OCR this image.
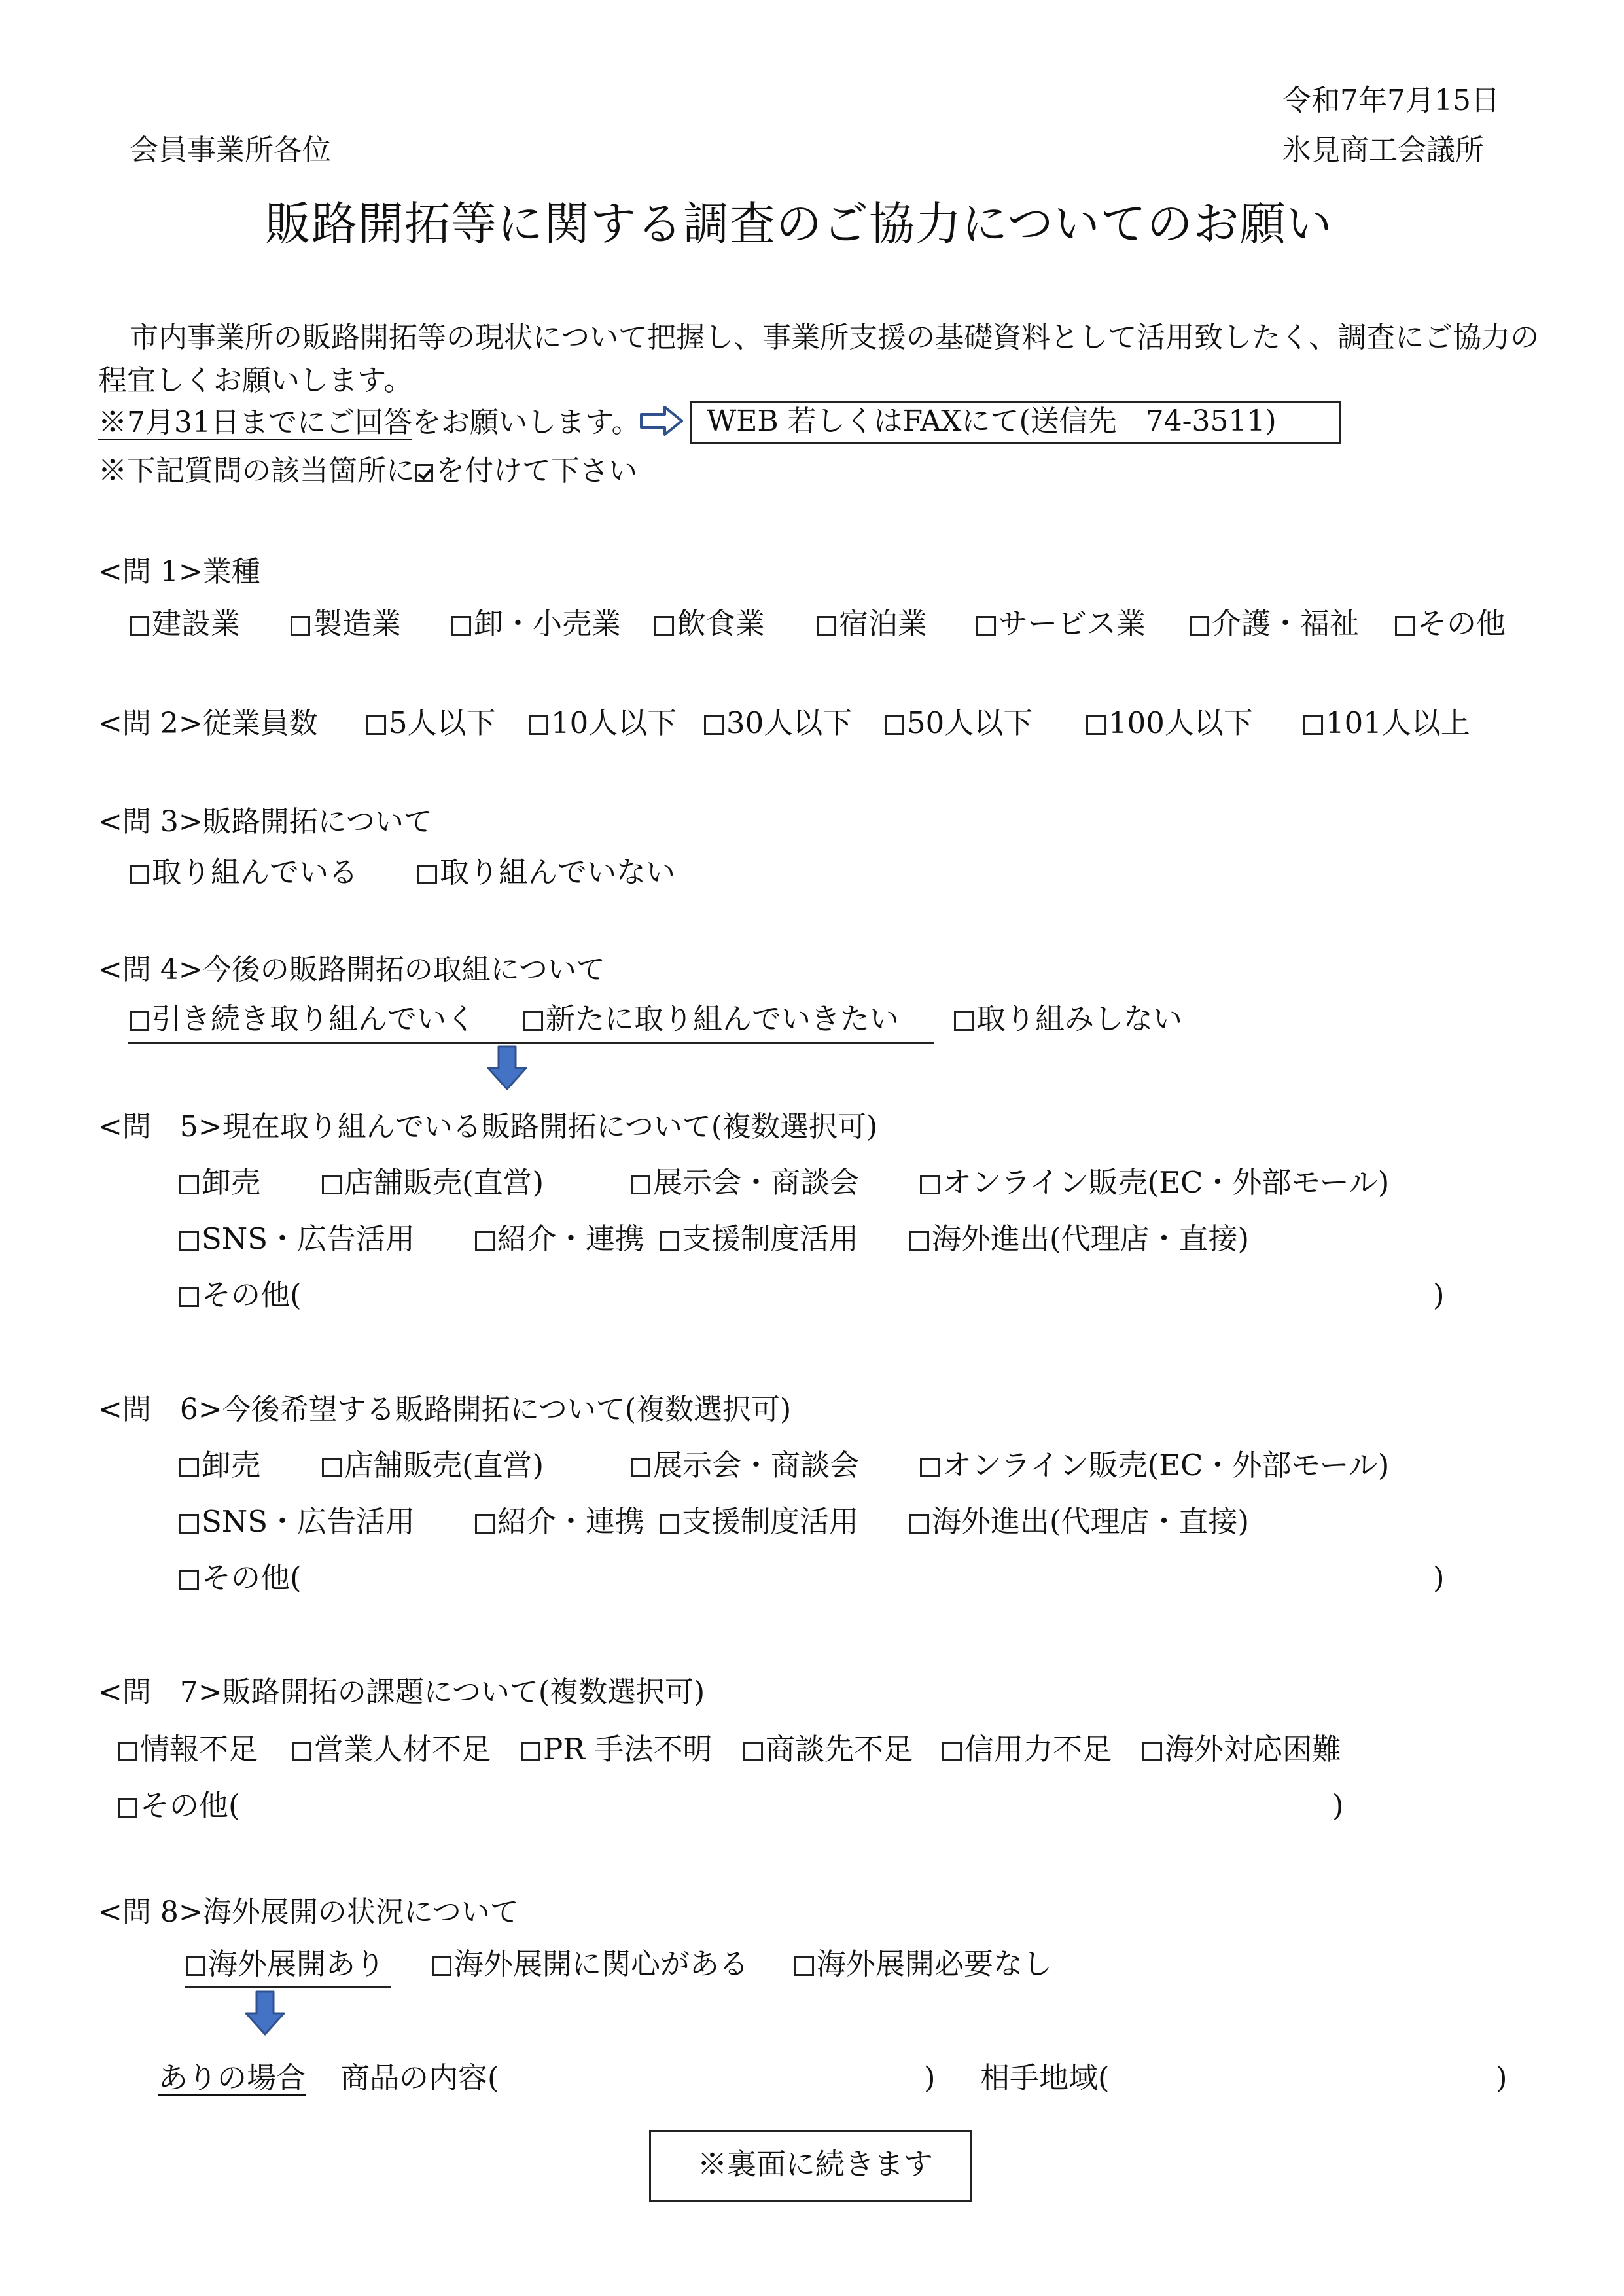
令和7年7月15日
会員事業所各位	氷見商工会議所
販路開拓等に関する調査のご協力についてのお願い
市内事業所の販路開拓等の現状について把握し、事業所支援の基礎資料として活用致したく、調査にご協力の
程宜しくお願いします。
※7月31日までにご回答をお願いします。 WEB 若しくはFAXにて(送信先　74-3511)
※下記質問の該当箇所に を付けて下さい
<問 1>業種
建設業	製造業	卸・小売業	飲食業	宿泊業	サービス業	介護・福祉	その他
<問 2>従業員数	5人以下	10人以下	30人以下	50人以下	100人以下	101人以上
<問 3>販路開拓について
取り組んでいる	取り組んでいない
<問 4>今後の販路開拓の取組について
引き続き取り組んでいく	新たに取り組んでいきたい	取り組みしない
<問　5>現在取り組んでいる販路開拓について(複数選択可)
卸売	店舗販売(直営)	展示会・商談会	オンライン販売(EC・外部モール)
SNS・広告活用	紹介・連携	支援制度活用	海外進出(代理店・直接)
その他(	)
<問　6>今後希望する販路開拓について(複数選択可)
卸売	店舗販売(直営)	展示会・商談会	オンライン販売(EC・外部モール)
SNS・広告活用	紹介・連携	支援制度活用	海外進出(代理店・直接)
その他(	)
<問　7>販路開拓の課題について(複数選択可)
情報不足	営業人材不足	PR 手法不明	商談先不足	信用力不足	海外対応困難
その他(	)
<問 8>海外展開の状況について
海外展開あり	海外展開に関心がある	海外展開必要なし
ありの場合 商品の内容(	) 相手地域(	)
※裏面に続きます
